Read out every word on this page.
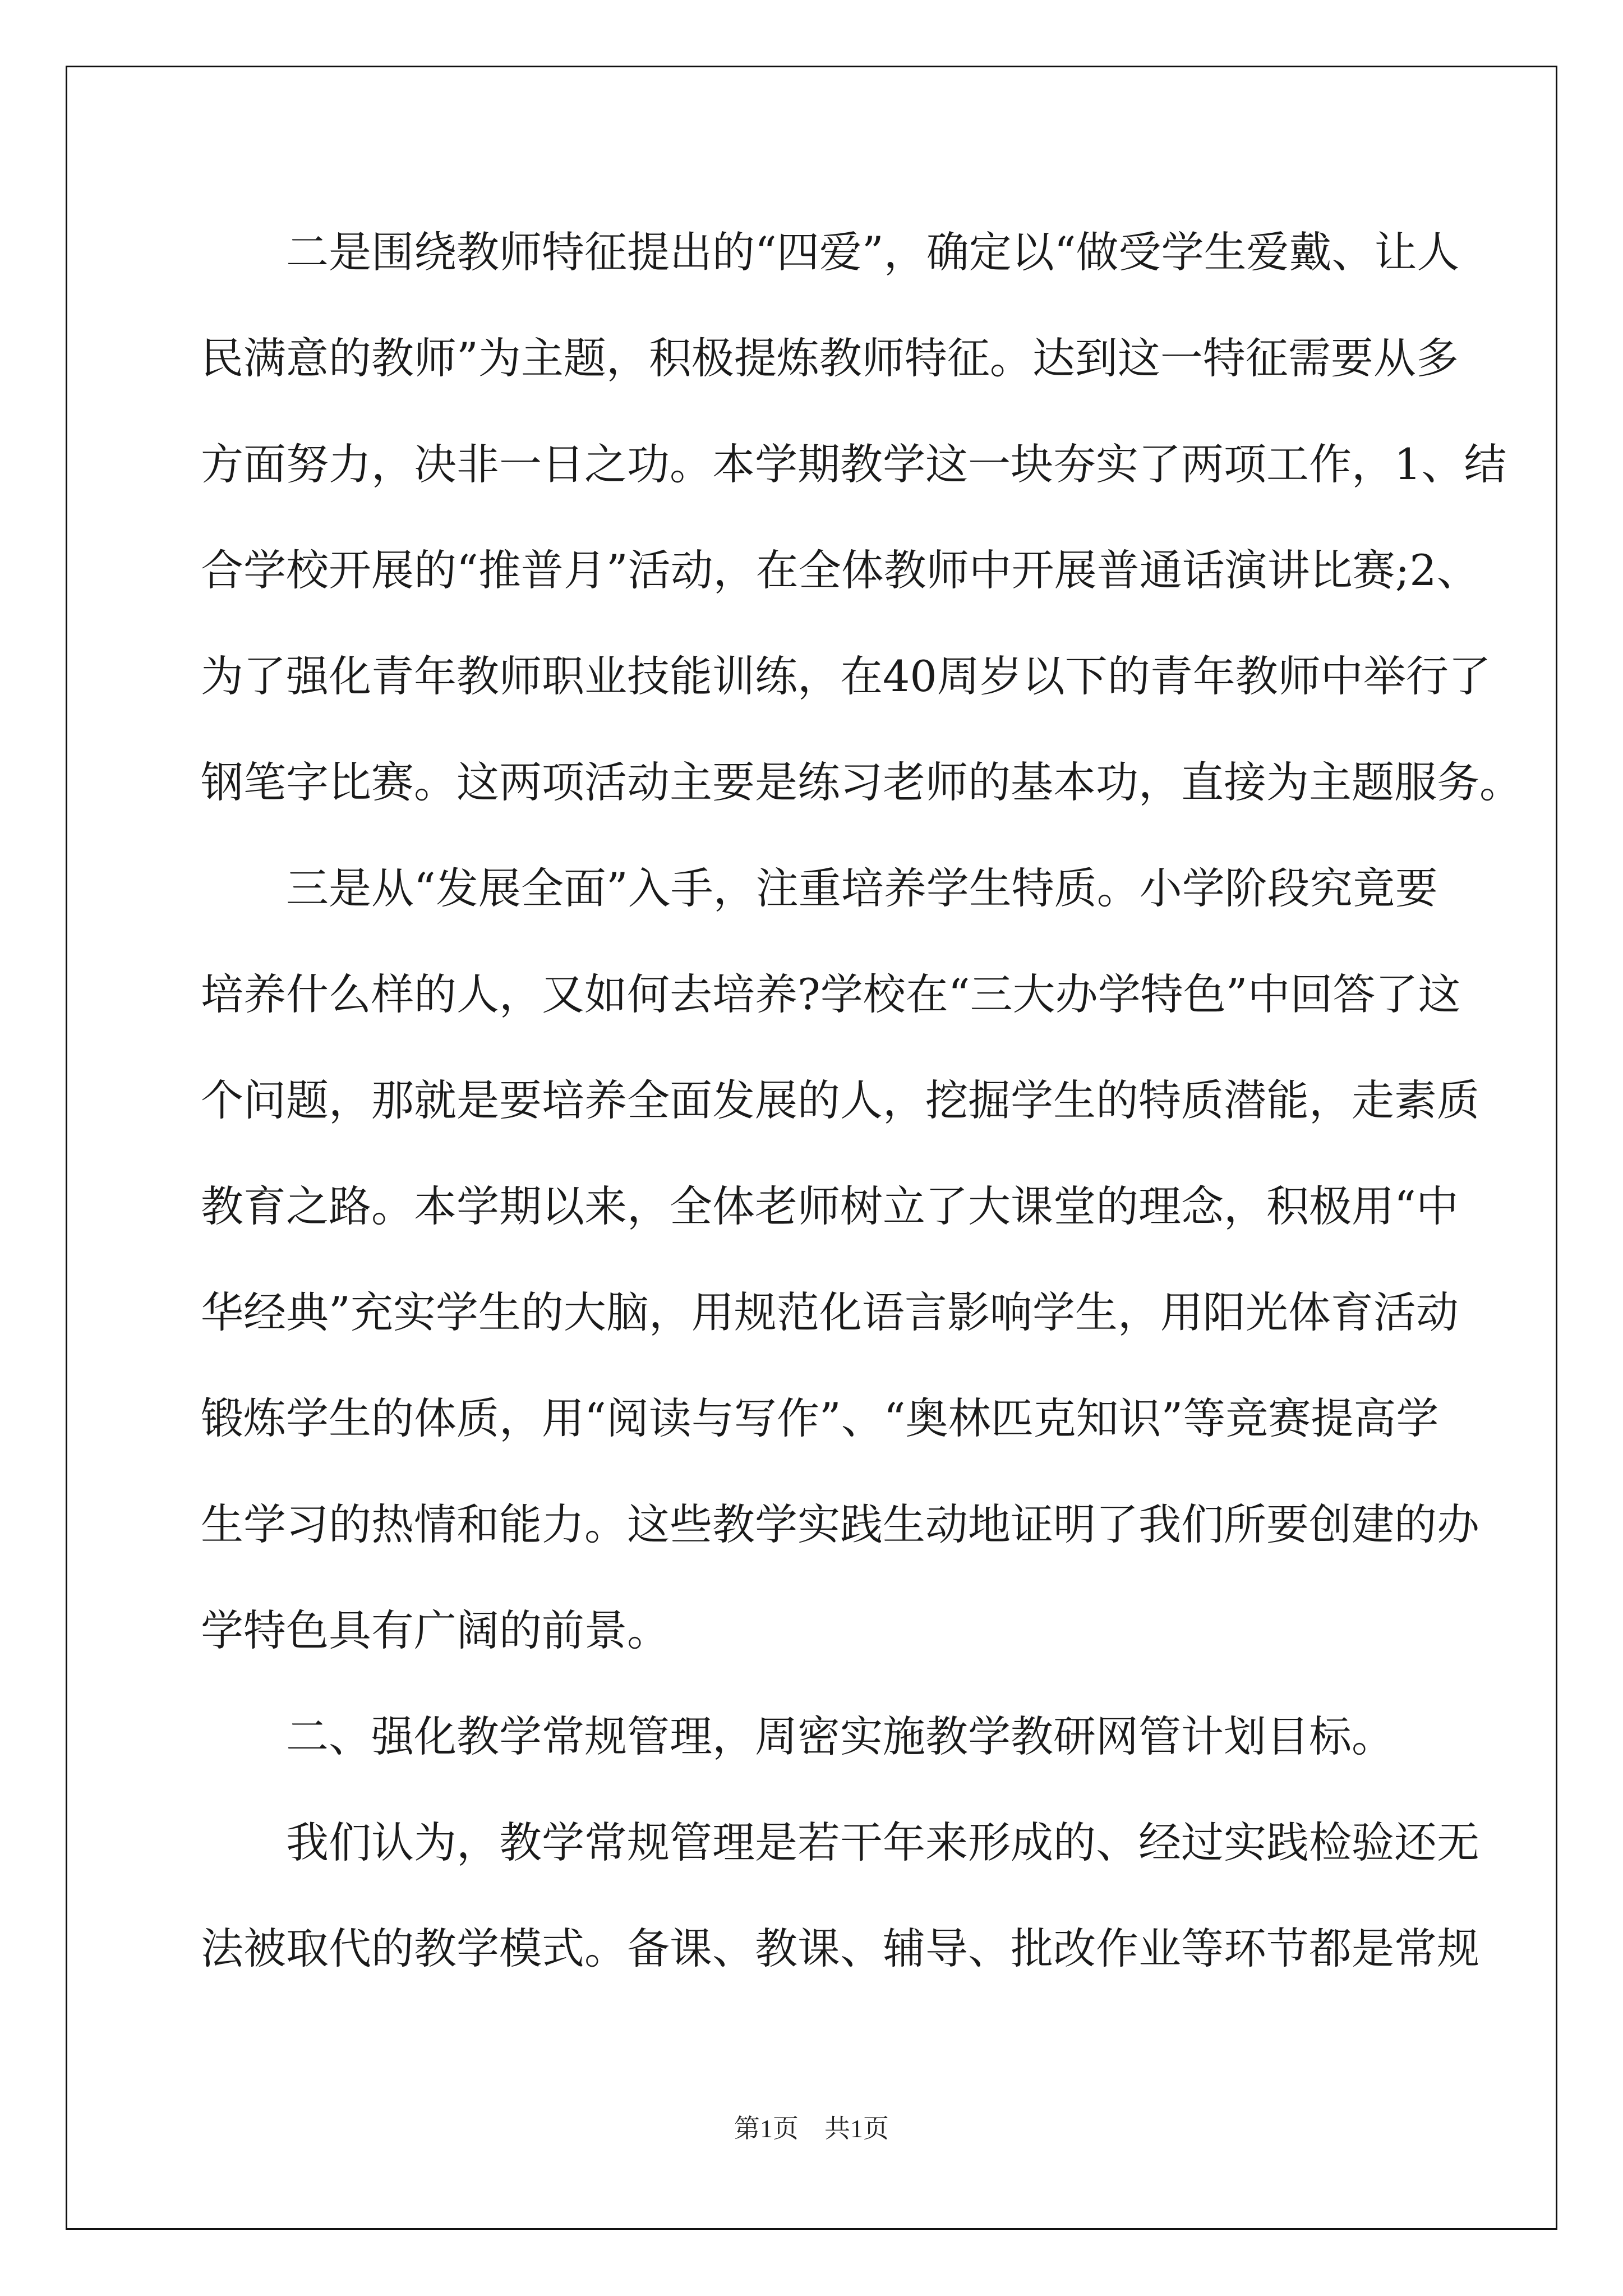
二是围绕教师特征提出的“四爱”，确定以“做受学生爱戴、让人
民满意的教师”为主题，积极提炼教师特征。达到这一特征需要从多
方面努力，决非一日之功。本学期教学这一块夯实了两项工作，1、结
合学校开展的“推普月”活动，在全体教师中开展普通话演讲比赛;2、
为了强化青年教师职业技能训练，在40周岁以下的青年教师中举行了
钢笔字比赛。这两项活动主要是练习老师的基本功，直接为主题服务。
三是从“发展全面”入手，注重培养学生特质。小学阶段究竟要
培养什么样的人，又如何去培养?学校在“三大办学特色”中回答了这
个问题，那就是要培养全面发展的人，挖掘学生的特质潜能，走素质
教育之路。本学期以来，全体老师树立了大课堂的理念，积极用“中
华经典”充实学生的大脑，用规范化语言影响学生，用阳光体育活动
锻炼学生的体质，用“阅读与写作”、“奥林匹克知识”等竞赛提高学
生学习的热情和能力。这些教学实践生动地证明了我们所要创建的办
学特色具有广阔的前景。
二、强化教学常规管理，周密实施教学教研网管计划目标。
我们认为，教学常规管理是若干年来形成的、经过实践检验还无
法被取代的教学模式。备课、教课、辅导、批改作业等环节都是常规
第1页　共1页
